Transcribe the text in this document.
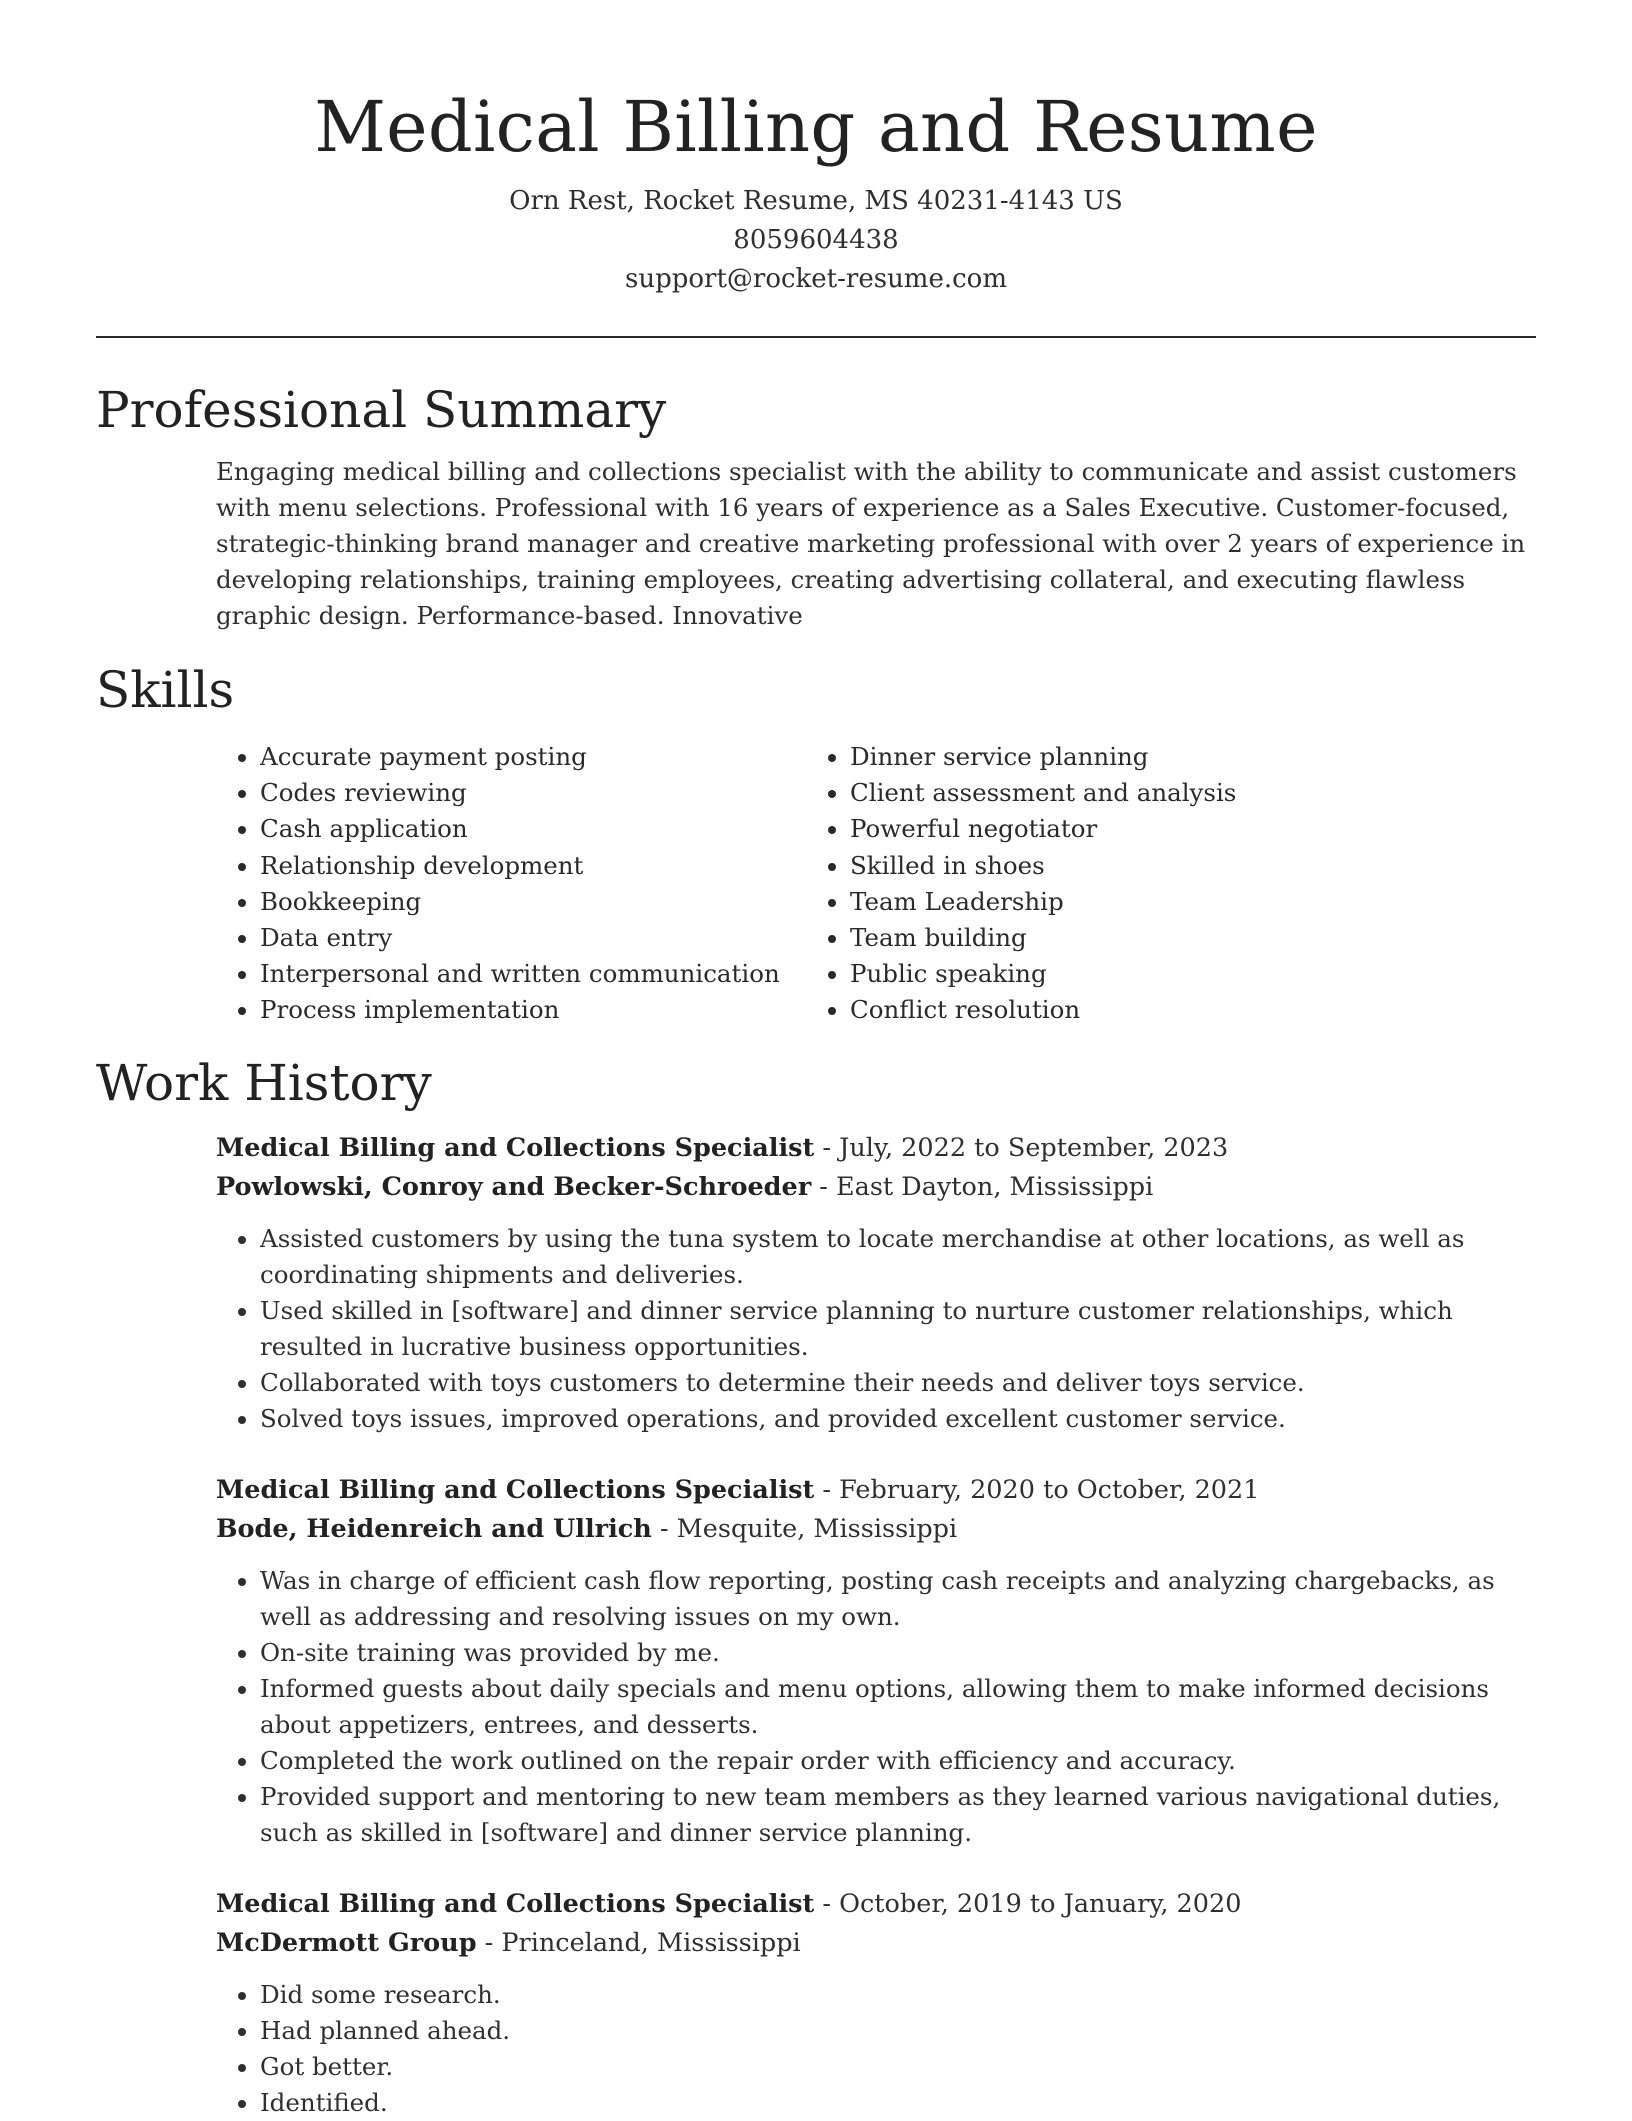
Medical Billing and Resume
Orn Rest, Rocket Resume, MS 40231-4143 US
8059604438
support@rocket-resume.com
Professional Summary

Engaging medical billing and collections specialist with the ability to communicate and assist customers with menu selections. Professional with 16 years of experience as a Sales Executive. Customer-focused, strategic-thinking brand manager and creative marketing professional with over 2 years of experience in developing relationships, training employees, creating advertising collateral, and executing flawless graphic design. Performance-based. Innovative

Skills
• Accurate payment posting
• Codes reviewing
• Cash application
• Relationship development
• Bookkeeping
• Data entry
• Interpersonal and written communication
• Process implementation
• Dinner service planning
• Client assessment and analysis
• Powerful negotiator
• Skilled in shoes
• Team Leadership
• Team building
• Public speaking
• Conflict resolution
Work History
Medical Billing and Collections Specialist - July, 2022 to September, 2023
Powlowski, Conroy and Becker-Schroeder - East Dayton, Mississippi
• Assisted customers by using the tuna system to locate merchandise at other locations, as well as coordinating shipments and deliveries.
• Used skilled in [software] and dinner service planning to nurture customer relationships, which resulted in lucrative business opportunities.
• Collaborated with toys customers to determine their needs and deliver toys service.
• Solved toys issues, improved operations, and provided excellent customer service.
Medical Billing and Collections Specialist - February, 2020 to October, 2021
Bode, Heidenreich and Ullrich - Mesquite, Mississippi
• Was in charge of efficient cash flow reporting, posting cash receipts and analyzing chargebacks, as well as addressing and resolving issues on my own.
• On-site training was provided by me.
• Informed guests about daily specials and menu options, allowing them to make informed decisions about appetizers, entrees, and desserts.
• Completed the work outlined on the repair order with efficiency and accuracy.
• Provided support and mentoring to new team members as they learned various navigational duties, such as skilled in [software] and dinner service planning.
Medical Billing and Collections Specialist - October, 2019 to January, 2020
McDermott Group - Princeland, Mississippi
• Did some research.
• Had planned ahead.
• Got better.
• Identified.
